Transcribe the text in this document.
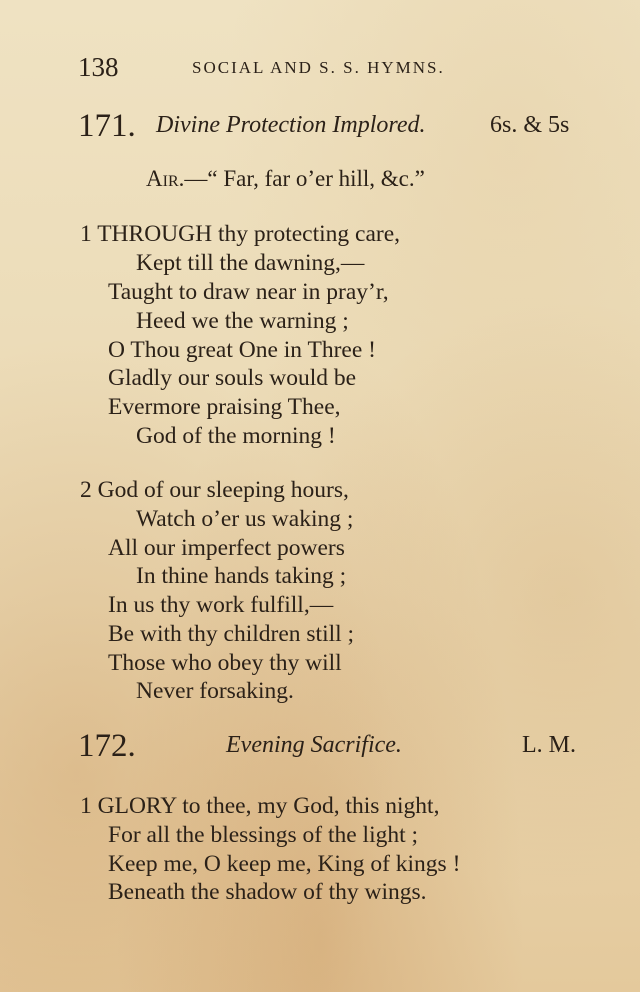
138	SOCIAL AND S. S. HYMNS.
171. Divine Protection Implored.	6s. & 5s
Air.—“ Far, far o’er hill, &c.”
1 THROUGH thy protecting care,
Kept till the dawning,—
Taught to draw near in pray’r,
Heed we the warning ;
O Thou great One in Three !
Gladly our souls would be
Evermore praising Thee,
God of the morning !
2 God of our sleeping hours,
Watch o’er us waking ;
All our imperfect powers
In thine hands taking ;
In us thy work fulfill,—
Be with thy children still ;
Those who obey thy will
Never forsaking.
172.	Evening Sacrifice.	L. M.
1 GLORY to thee, my God, this night,
For all the blessings of the light ;
Keep me, O keep me, King of kings !
Beneath the shadow of thy wings.
